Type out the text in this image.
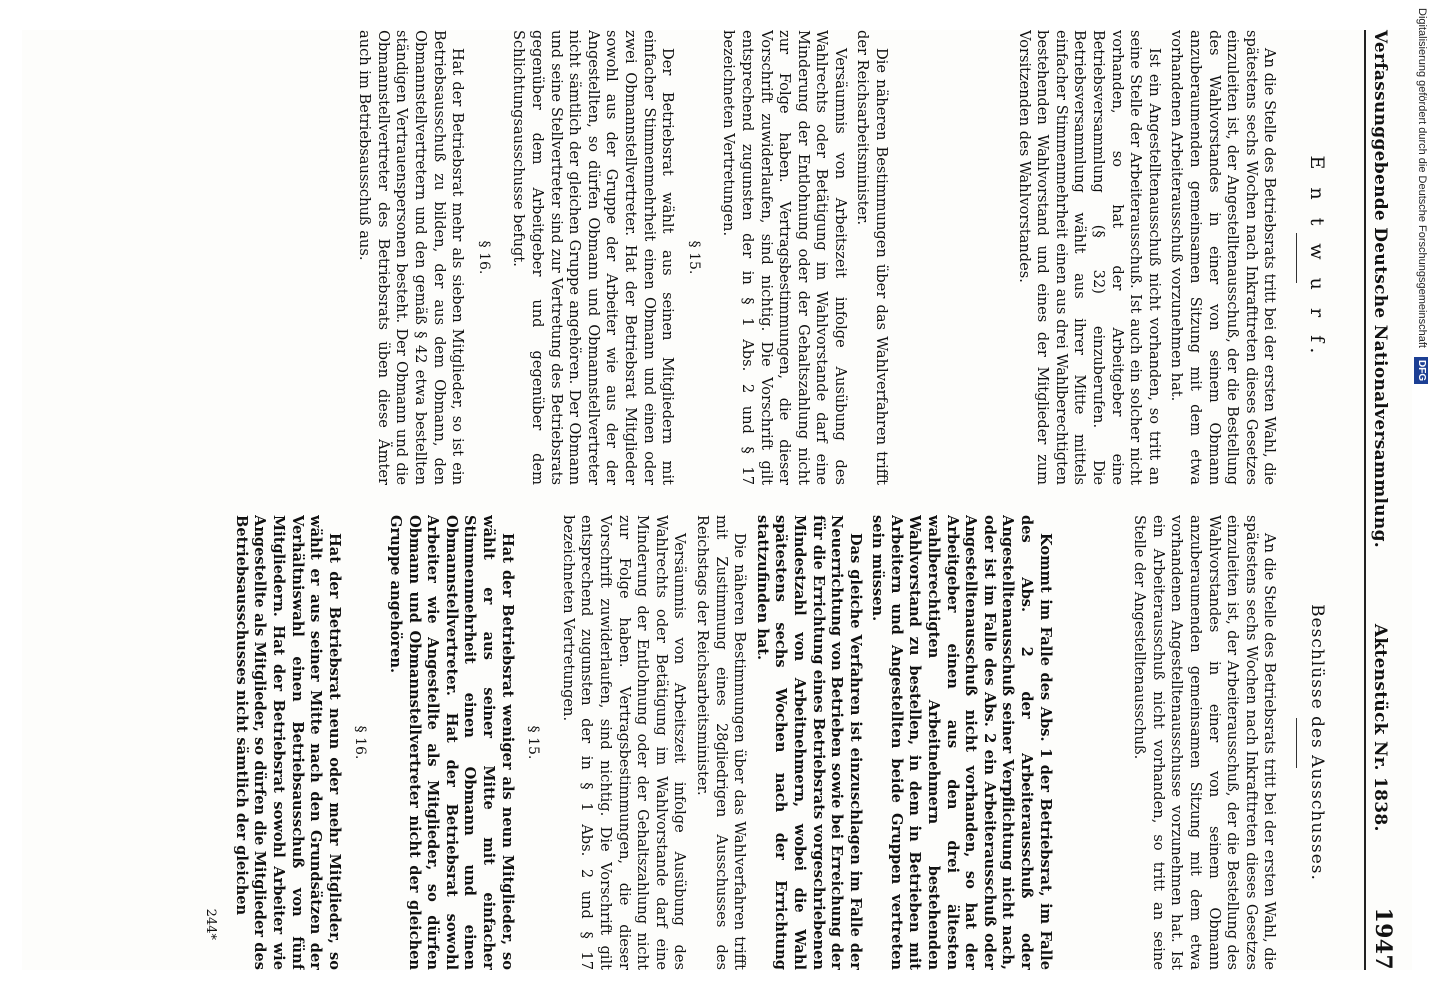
Verfassunggebende Deutsche Nationalversammlung.
Aktenstück Nr. 1838.
1947
E n t w u r f.

An die Stelle des Betriebsrats tritt bei der ersten Wahl, die spätestens sechs Wochen nach Inkrafttreten dieses Gesetzes einzuleiten ist, der Angestelltenausschuß, der die Bestellung des Wahlvorstandes in einer von seinem Obmann anzuberaumenden gemeinsamen Sitzung mit dem etwa vorhandenen Arbeiterausschuß vorzunehmen hat.

Ist ein Angestelltenausschuß nicht vorhanden, so tritt an seine Stelle der Arbeiterausschuß. Ist auch ein solcher nicht vorhanden, so hat der Arbeitgeber eine Betriebsversammlung (§ 32) einzuberufen. Die Betriebsversammlung wählt aus ihrer Mitte mittels einfacher Stimmenmehrheit einen aus drei Wahlberechtigten bestehenden Wahlvorstand und eines der Mitglieder zum Vorsitzenden des Wahlvorstandes.

Die näheren Bestimmungen über das Wahlverfahren trifft der Reichsarbeitsminister.

Versäumnis von Arbeitszeit infolge Ausübung des Wahlrechts oder Betätigung im Wahlvorstande darf eine Minderung der Entlohnung oder der Gehaltszahlung nicht zur Folge haben. Vertragsbestimmungen, die dieser Vorschrift zuwiderlaufen, sind nichtig. Die Vorschrift gilt entsprechend zugunsten der in § 1 Abs. 2 und § 17 bezeichneten Vertretungen.

§ 15.

Der Betriebsrat wählt aus seinen Mitgliedern mit einfacher Stimmenmehrheit einen Obmann und einen oder zwei Obmannstellvertreter. Hat der Betriebsrat Mitglieder sowohl aus der Gruppe der Arbeiter wie aus der der Angestellten, so dürfen Obmann und Obmannstellvertreter nicht sämtlich der gleichen Gruppe angehören. Der Obmann und seine Stellvertreter sind zur Vertretung des Betriebsrats gegenüber dem Arbeitgeber und gegenüber dem Schlichtungsausschusse befugt.

§ 16.

Hat der Betriebsrat mehr als sieben Mitglieder, so ist ein Betriebsausschuß zu bilden, der aus dem Obmann, den Obmannstellvertretern und den gemäß § 42 etwa bestellten ständigen Vertrauenspersonen besteht. Der Obmann und die Obmannstellvertreter des Betriebsrats üben diese Ämter auch im Betriebsausschuß aus.

Beschlüsse des Ausschusses.

An die Stelle des Betriebsrats tritt bei der ersten Wahl, die spätestens sechs Wochen nach Inkrafttreten dieses Gesetzes einzuleiten ist, der Arbeiterausschuß, der die Bestellung des Wahlvorstandes in einer von seinem Obmann anzuberaumenden gemeinsamen Sitzung mit dem etwa vorhandenen Angestelltenausschusse vorzunehmen hat. Ist ein Arbeiterausschuß nicht vorhanden, so tritt an seine Stelle der Angestelltenausschuß.

Kommt im Falle des Abs. 1 der Betriebsrat, im Falle des Abs. 2 der Arbeiterausschuß oder Angestelltenausschuß seiner Verpflichtung nicht nach, oder ist im Falle des Abs. 2 ein Arbeiterausschuß oder Angestelltenausschuß nicht vorhanden, so hat der Arbeitgeber einen aus den drei ältesten wahlberechtigten Arbeitnehmern bestehenden Wahlvorstand zu bestellen, in dem in Betrieben mit Arbeitern und Angestellten beide Gruppen vertreten sein müssen.

Das gleiche Verfahren ist einzuschlagen im Falle der Neuerrichtung von Betrieben sowie bei Erreichung der für die Errichtung eines Betriebsrats vorgeschriebenen Mindestzahl von Arbeitnehmern, wobei die Wahl spätestens sechs Wochen nach der Errichtung stattzufinden hat.

Die näheren Bestimmungen über das Wahlverfahren trifft mit Zustimmung eines 28gliedrigen Ausschusses des Reichstags der Reichsarbeitsminister.

Versäumnis von Arbeitszeit infolge Ausübung des Wahlrechts oder Betätigung im Wahlvorstande darf eine Minderung der Entlohnung oder der Gehaltszahlung nicht zur Folge haben. Vertragsbestimmungen, die dieser Vorschrift zuwiderlaufen, sind nichtig. Die Vorschrift gilt entsprechend zugunsten der in § 1 Abs. 2 und § 17 bezeichneten Vertretungen.

§ 15.

Hat der Betriebsrat weniger als neun Mitglieder, so wählt er aus seiner Mitte mit einfacher Stimmenmehrheit einen Obmann und einen Obmannstellvertreter. Hat der Betriebsrat sowohl Arbeiter wie Angestellte als Mitglieder, so dürfen Obmann und Obmannstellvertreter nicht der gleichen Gruppe angehören.

§ 16.

Hat der Betriebsrat neun oder mehr Mitglieder, so wählt er aus seiner Mitte nach den Grundsätzen der Verhältniswahl einen Betriebsausschuß von fünf Mitgliedern. Hat der Betriebsrat sowohl Arbeiter wie Angestellte als Mitglieder, so dürfen die Mitglieder des Betriebsausschusses nicht sämtlich der gleichen

244*
Digitalisierung gefördert durch die Deutsche Forschungsgemeinschaft DFG
